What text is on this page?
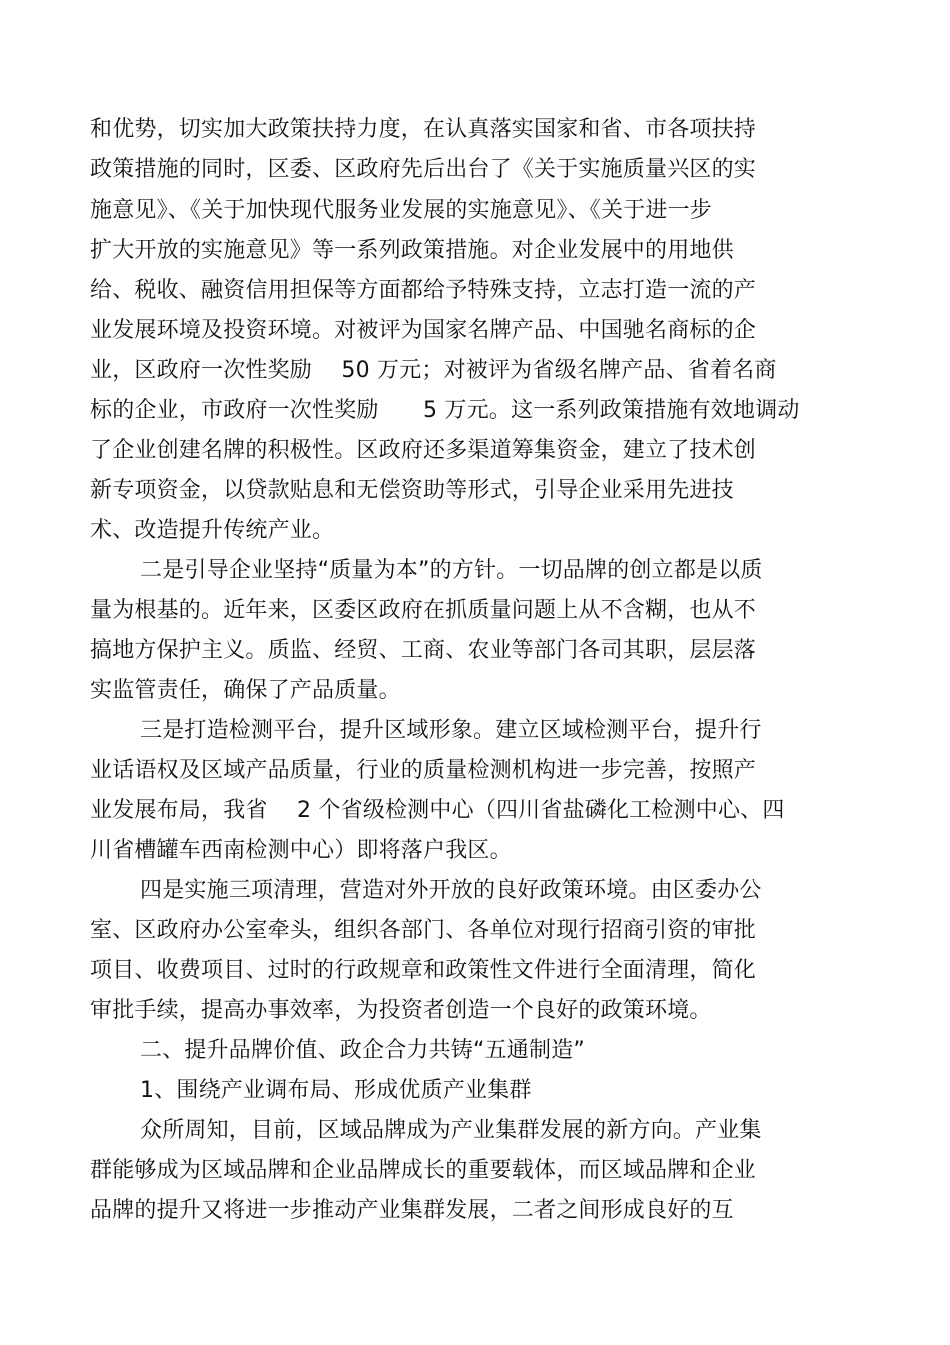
和优势，切实加大政策扶持力度，在认真落实国家和省、市各项扶持
政策措施的同时，区委、区政府先后出台了《关于实施质量兴区的实
施意见》、《关于加快现代服务业发展的实施意见》、《关于进一步
扩大开放的实施意见》等一系列政策措施。对企业发展中的用地供
给、税收、融资信用担保等方面都给予特殊支持，立志打造一流的产
业发展环境及投资环境。对被评为国家名牌产品、中国驰名商标的企
业，区政府一次性奖励　 50 万元；对被评为省级名牌产品、省着名商
标的企业，市政府一次性奖励　　5 万元。这一系列政策措施有效地调动
了企业创建名牌的积极性。区政府还多渠道筹集资金，建立了技术创
新专项资金，以贷款贴息和无偿资助等形式，引导企业采用先进技
术、改造提升传统产业。
二是引导企业坚持“质量为本”的方针。一切品牌的创立都是以质
量为根基的。近年来，区委区政府在抓质量问题上从不含糊，也从不
搞地方保护主义。质监、经贸、工商、农业等部门各司其职，层层落
实监管责任，确保了产品质量。
三是打造检测平台，提升区域形象。建立区域检测平台，提升行
业话语权及区域产品质量，行业的质量检测机构进一步完善，按照产
业发展布局，我省　 2 个省级检测中心（四川省盐磷化工检测中心、四
川省槽罐车西南检测中心）即将落户我区。
四是实施三项清理，营造对外开放的良好政策环境。由区委办公
室、区政府办公室牵头，组织各部门、各单位对现行招商引资的审批
项目、收费项目、过时的行政规章和政策性文件进行全面清理，简化
审批手续，提高办事效率，为投资者创造一个良好的政策环境。
二、提升品牌价值、政企合力共铸“五通制造”
1、围绕产业调布局、形成优质产业集群
众所周知，目前，区域品牌成为产业集群发展的新方向。产业集
群能够成为区域品牌和企业品牌成长的重要载体，而区域品牌和企业
品牌的提升又将进一步推动产业集群发展，二者之间形成良好的互
